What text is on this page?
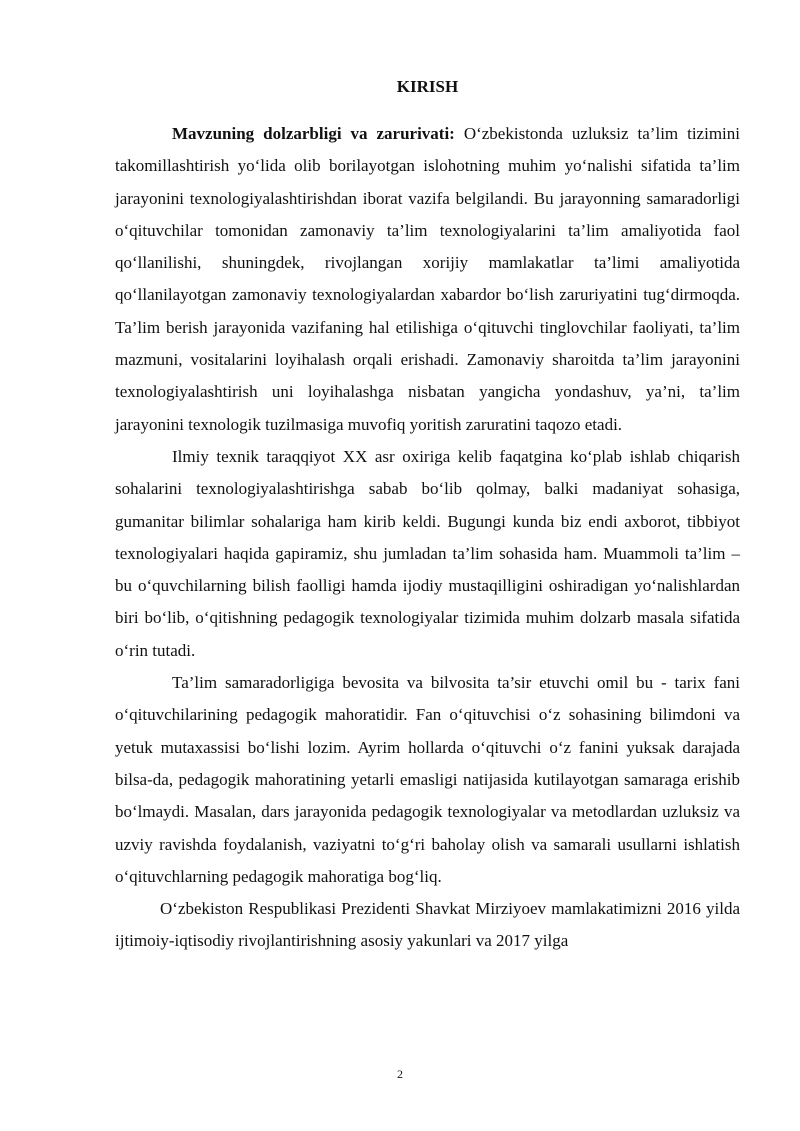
KIRISH

Mavzuning dolzarbligi va zarurivati: O‘zbekistonda uzluksiz ta’lim tizimini takomillashtirish yo‘lida olib borilayotgan islohotning muhim yo‘nalishi sifatida ta’lim jarayonini texnologiyalashtirishdan iborat vazifa belgilandi. Bu jarayonning samaradorligi o‘qituvchilar tomonidan zamonaviy ta’lim texnologiyalarini ta’lim amaliyotida faol qo‘llanilishi, shuningdek, rivojlangan xorijiy mamlakatlar ta’limi amaliyotida qo‘llanilayotgan zamonaviy texnologiyalardan xabardor bo‘lish zaruriyatini tug‘dirmoqda. Ta’lim berish jarayonida vazifaning hal etilishiga o‘qituvchi tinglovchilar faoliyati, ta’lim mazmuni, vositalarini loyihalash orqali erishadi. Zamonaviy sharoitda ta’lim jarayonini texnologiyalashtirish uni loyihalashga nisbatan yangicha yondashuv, ya’ni, ta’lim jarayonini texnologik tuzilmasiga muvofiq yoritish zaruratini taqozo etadi.

Ilmiy texnik taraqqiyot XX asr oxiriga kelib faqatgina ko‘plab ishlab chiqarish sohalarini texnologiyalashtirishga sabab bo‘lib qolmay, balki madaniyat sohasiga, gumanitar bilimlar sohalariga ham kirib keldi. Bugungi kunda biz endi axborot, tibbiyot texnologiyalari haqida gapiramiz, shu jumladan ta’lim sohasida ham. Muammoli ta’lim – bu o‘quvchilarning bilish faolligi hamda ijodiy mustaqilligini oshiradigan yo‘nalishlardan biri bo‘lib, o‘qitishning pedagogik texnologiyalar tizimida muhim dolzarb masala sifatida o‘rin tutadi.

Ta’lim samaradorligiga bevosita va bilvosita ta’sir etuvchi omil bu - tarix fani o‘qituvchilarining pedagogik mahoratidir. Fan o‘qituvchisi o‘z sohasining bilimdoni va yetuk mutaxassisi bo‘lishi lozim. Ayrim hollarda o‘qituvchi o‘z fanini yuksak darajada bilsa-da, pedagogik mahoratining yetarli emasligi natijasida kutilayotgan samaraga erishib bo‘lmaydi. Masalan, dars jarayonida pedagogik texnologiyalar va metodlardan uzluksiz va uzviy ravishda foydalanish, vaziyatni to‘g‘ri baholay olish va samarali usullarni ishlatish o‘qituvchlarning pedagogik mahoratiga bog‘liq.

O‘zbekiston Respublikasi Prezidenti Shavkat Mirziyoev mamlakatimizni 2016 yilda ijtimoiy-iqtisodiy rivojlantirishning asosiy yakunlari va 2017 yilga

2
